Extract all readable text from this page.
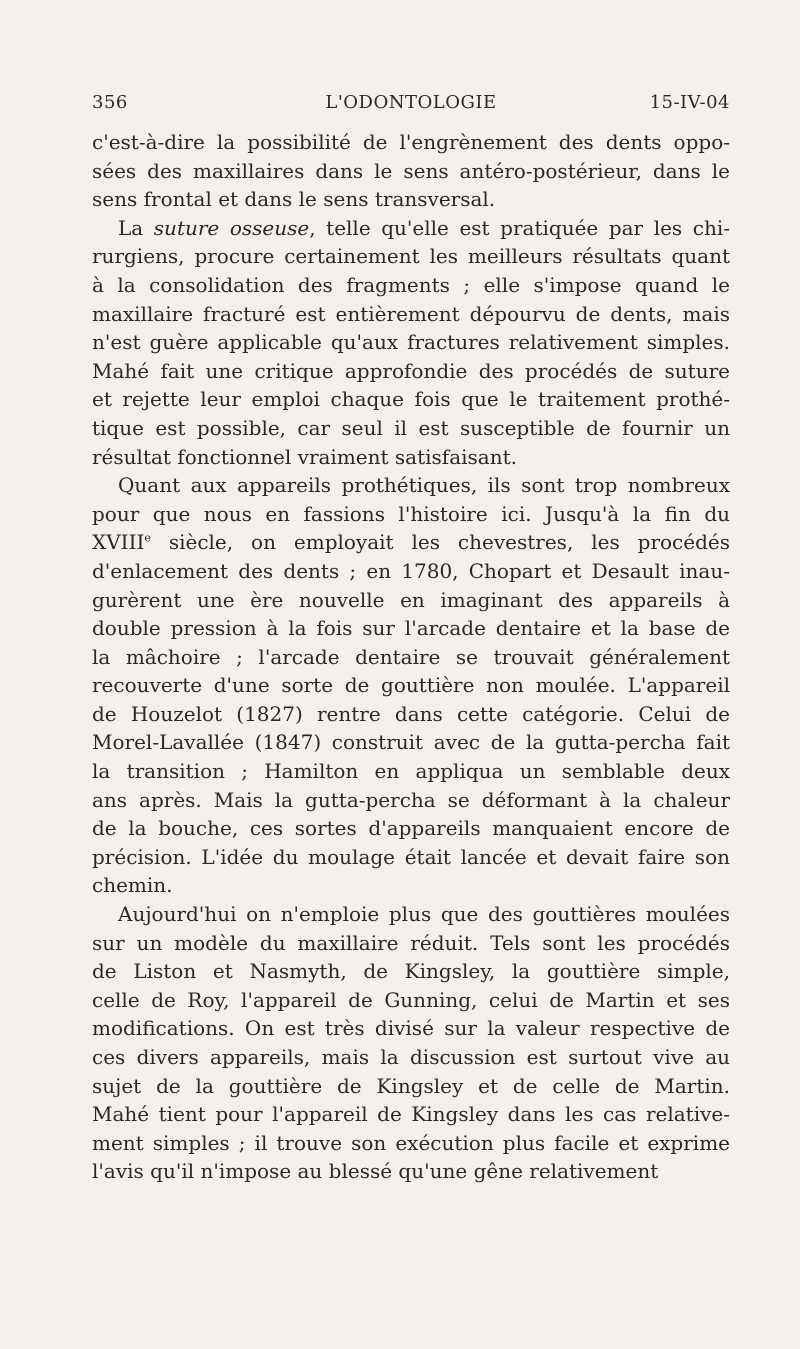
356	L'ODONTOLOGIE	15-IV-04
c'est-à-dire la possibilité de l'engrènement des dents oppo-
sées des maxillaires dans le sens antéro-postérieur, dans le
sens frontal et dans le sens transversal.
La suture osseuse, telle qu'elle est pratiquée par les chi-
rurgiens, procure certainement les meilleurs résultats quant
à la consolidation des fragments ; elle s'impose quand le
maxillaire fracturé est entièrement dépourvu de dents, mais
n'est guère applicable qu'aux fractures relativement simples.
Mahé fait une critique approfondie des procédés de suture
et rejette leur emploi chaque fois que le traitement prothé-
tique est possible, car seul il est susceptible de fournir un
résultat fonctionnel vraiment satisfaisant.
Quant aux appareils prothétiques, ils sont trop nombreux
pour que nous en fassions l'histoire ici. Jusqu'à la fin du
XVIIIe siècle, on employait les chevestres, les procédés
d'enlacement des dents ; en 1780, Chopart et Desault inau-
gurèrent une ère nouvelle en imaginant des appareils à
double pression à la fois sur l'arcade dentaire et la base de
la mâchoire ; l'arcade dentaire se trouvait généralement
recouverte d'une sorte de gouttière non moulée. L'appareil
de Houzelot (1827) rentre dans cette catégorie. Celui de
Morel-Lavallée (1847) construit avec de la gutta-percha fait
la transition ; Hamilton en appliqua un semblable deux
ans après. Mais la gutta-percha se déformant à la chaleur
de la bouche, ces sortes d'appareils manquaient encore de
précision. L'idée du moulage était lancée et devait faire son
chemin.
Aujourd'hui on n'emploie plus que des gouttières moulées
sur un modèle du maxillaire réduit. Tels sont les procédés
de Liston et Nasmyth, de Kingsley, la gouttière simple,
celle de Roy, l'appareil de Gunning, celui de Martin et ses
modifications. On est très divisé sur la valeur respective de
ces divers appareils, mais la discussion est surtout vive au
sujet de la gouttière de Kingsley et de celle de Martin.
Mahé tient pour l'appareil de Kingsley dans les cas relative-
ment simples ; il trouve son exécution plus facile et exprime
l'avis qu'il n'impose au blessé qu'une gêne relativement
